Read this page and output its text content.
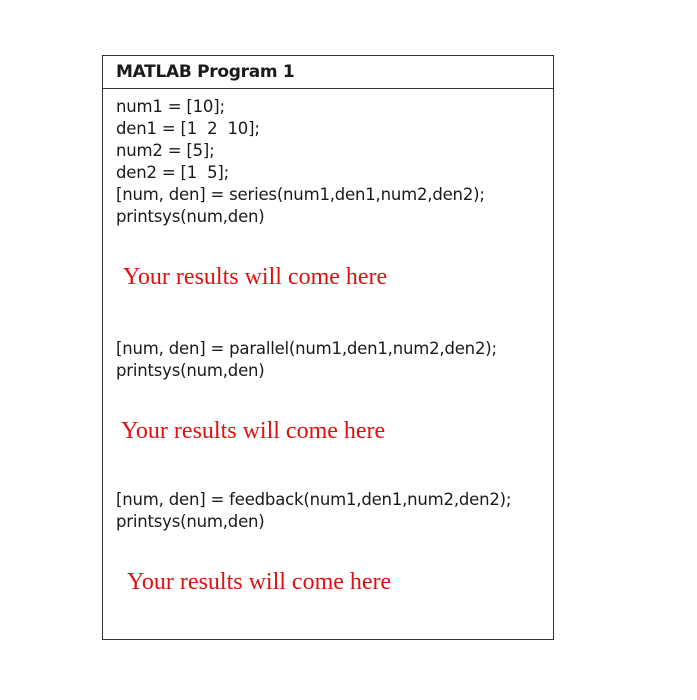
MATLAB Program 1
num1 = [10];
den1 = [1  2  10];
num2 = [5];
den2 = [1  5];
[num, den] = series(num1,den1,num2,den2);
printsys(num,den)
Your results will come here
[num, den] = parallel(num1,den1,num2,den2);
printsys(num,den)
Your results will come here
[num, den] = feedback(num1,den1,num2,den2);
printsys(num,den)
Your results will come here
